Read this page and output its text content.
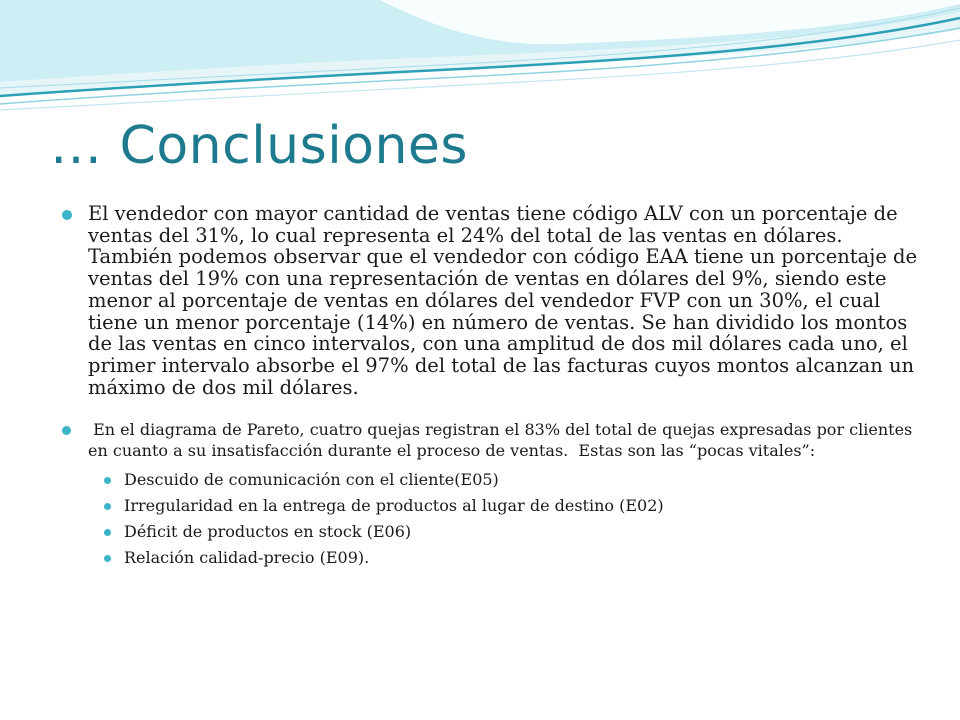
… Conclusiones
El vendedor con mayor cantidad de ventas tiene código ALV con un porcentaje de ventas del 31%, lo cual representa el 24% del total de las ventas en dólares. También podemos observar que el vendedor con código EAA tiene un porcentaje de ventas del 19% con una representación de ventas en dólares del 9%, siendo este menor al porcentaje de ventas en dólares del vendedor FVP con un 30%, el cual tiene un menor porcentaje (14%) en número de ventas. Se han dividido los montos de las ventas en cinco intervalos, con una amplitud de dos mil dólares cada uno, el primer intervalo absorbe el 97% del total de las facturas cuyos montos alcanzan un máximo de dos mil dólares.
En el diagrama de Pareto, cuatro quejas registran el 83% del total de quejas expresadas por clientes en cuanto a su insatisfacción durante el proceso de ventas.  Estas son las “pocas vitales”:
Descuido de comunicación con el cliente(E05)
Irregularidad en la entrega de productos al lugar de destino (E02)
Déficit de productos en stock (E06)
Relación calidad-precio (E09).
